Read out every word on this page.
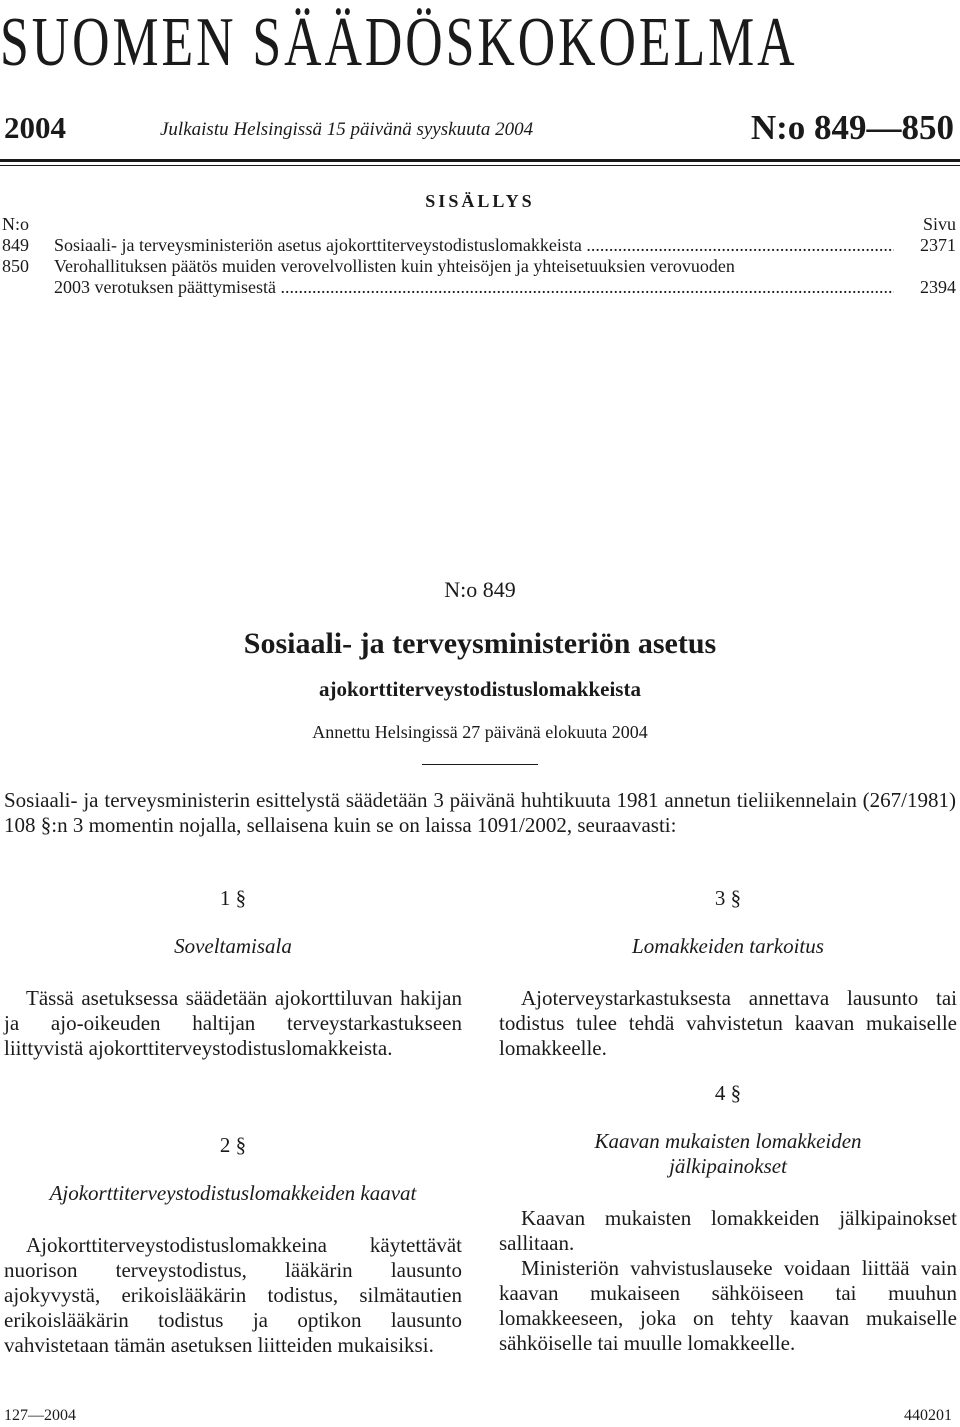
SUOMEN SÄÄDÖSKOKOELMA
2004	Julkaistu Helsingissä 15 päivänä syyskuuta 2004	N:o 849—850
SISÄLLYS
N:o	Sivu
849 Sosiaali- ja terveysministeriön asetus ajokorttiterveystodistuslomakkeista .....	2371
850 Verohallituksen päätös muiden verovelvollisten kuin yhteisöjen ja yhteisetuuksien verovuoden
2003 verotuksen päättymisestä .....	2394
N:o 849
Sosiaali- ja terveysministeriön asetus
ajokorttiterveystodistuslomakkeista
Annettu Helsingissä 27 päivänä elokuuta 2004
Sosiaali- ja terveysministerin esittelystä säädetään 3 päivänä huhtikuuta 1981 annetun tieliikennelain (267/1981) 108 §:n 3 momentin nojalla, sellaisena kuin se on laissa 1091/2002, seuraavasti:
1 §
Soveltamisala
Tässä asetuksessa säädetään ajokorttiluvan hakijan ja ajo-oikeuden haltijan terveystarkastukseen liittyvistä ajokorttiterveystodistuslomakkeista.
2 §
Ajokorttiterveystodistuslomakkeiden kaavat
Ajokorttiterveystodistuslomakkeina käytettävät nuorison terveystodistus, lääkärin lausunto ajokyvystä, erikoislääkärin todistus, silmätautien erikoislääkärin todistus ja optikon lausunto vahvistetaan tämän asetuksen liitteiden mukaisiksi.
3 §
Lomakkeiden tarkoitus
Ajoterveystarkastuksesta annettava lausunto tai todistus tulee tehdä vahvistetun kaavan mukaiselle lomakkeelle.
4 §
Kaavan mukaisten lomakkeiden jälkipainokset
Kaavan mukaisten lomakkeiden jälkipainokset sallitaan.
Ministeriön vahvistuslauseke voidaan liittää vain kaavan mukaiseen sähköiseen tai muuhun lomakkeeseen, joka on tehty kaavan mukaiselle sähköiselle tai muulle lomakkeelle.
127—2004	440201
